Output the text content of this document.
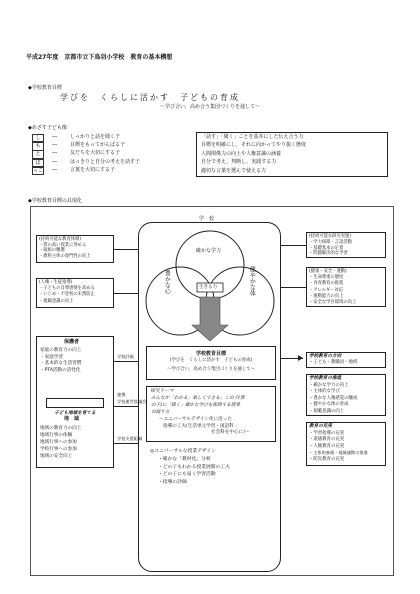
平成27年度　京都市立下鳥羽小学校　教育の基本構想
◆学校教育目標
学びを　くらしに活かす　子どもの育成
～学び合い，高め合う集団づくりを通して～
◆めざす子ども像
し	―	しっかりと話を聞く子
も	―	目標をもってがんばる子
と	―	友だちを大切にする子
ば	―	はっきりと自分の考えを話す子
っこ ―	言葉を大切にする子
「話す」「聞く」ことを基本にした伝え合う力
目標を明確にし，それに向かってやり抜く態度
人間関係力の向上や人権意識の涵養
自分で考え，判断し，実践する力
適切な言葉を選んで使える力
◆学校教育目標の具現化
学　校
確かな学力
豊かな心	健やかな体
生きる力
(持続可能な教育体制)
・質の高い授業に努める
・取組の精選
・教科主体の専門性の向上
(人権・生徒指導)
・子どもの自尊感情を高める
・いじめ・不登校の未然防止
・規範意識の向上
(持続可能な研究実施)
・学力保障・言語活動
・基礎基本の定着
・問題解決的な学習
(健康・安全・運動)
・生命尊重の態度
・食育教育の推進
・アレルギー対応
・運動能力の向上
・安全な学区環境の向上
学校教育目標
(学びを　くらしに活かす　子どもの育成)
～学び合い，高め合う集団づくりを通して～
研究テーマ
みんなが「わかる」楽しくできる」この子(算
の子)に「届く」確かな学びを保障する授業
の創り方
～ユニバーサルデザイン化に沿った
指導の工夫(生活単元学習・国語科・
社会科を中心に)～
◎ユニバーサルな授業デザイン
・確かな「教材化」分析
・どの子もわかる授業展開の工夫
・どの子にも届く学習活動
・指導の評価
保護者
家庭の教育力の向上
・家庭学習
・基本的な生活習慣
・PTA活動の活性化
子ども地域を育てる
地　域
地域の教育力の向上
地域行事の体験
地域行事への参加
学校行事への参加
地域の安全向上
学校評価
連携
学校運営協議会
学校支援組織
学校教育の方向
・子ども・教職員・地域
学校教育の推進
・確かな学力の向上
・主体的な学び
・豊かな人権感覚の醸成
・健やかな体の育成
・規範意識の向上
教育の充実
・学習指導の充実
・道徳教育の充実
・人権教育の充実
・主体的参画・地域連携の推進
・防災教育の充実
